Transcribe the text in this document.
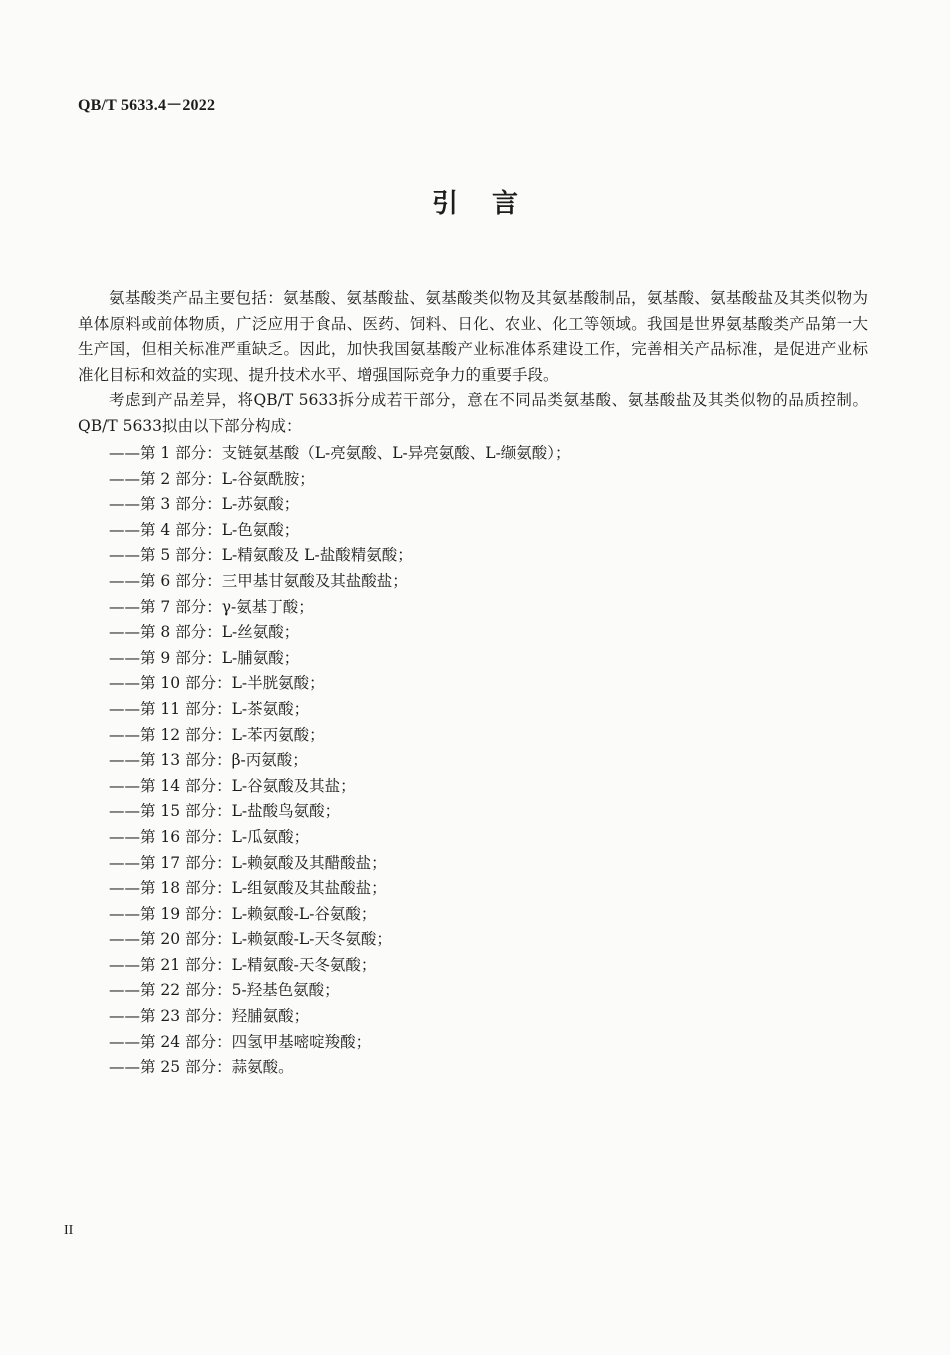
QB/T 5633.4－2022
引言

氨基酸类产品主要包括：氨基酸、氨基酸盐、氨基酸类似物及其氨基酸制品，氨基酸、氨基酸盐及其类似物为单体原料或前体物质，广泛应用于食品、医药、饲料、日化、农业、化工等领域。我国是世界氨基酸类产品第一大生产国，但相关标准严重缺乏。因此，加快我国氨基酸产业标准体系建设工作，完善相关产品标准，是促进产业标准化目标和效益的实现、提升技术水平、增强国际竞争力的重要手段。

考虑到产品差异，将QB/T 5633拆分成若干部分，意在不同品类氨基酸、氨基酸盐及其类似物的品质控制。QB/T 5633拟由以下部分构成：

——第 1 部分：支链氨基酸（L-亮氨酸、L-异亮氨酸、L-缬氨酸）；
——第 2 部分：L-谷氨酰胺；
——第 3 部分：L-苏氨酸；
——第 4 部分：L-色氨酸；
——第 5 部分：L-精氨酸及 L-盐酸精氨酸；
——第 6 部分：三甲基甘氨酸及其盐酸盐；
——第 7 部分：γ-氨基丁酸；
——第 8 部分：L-丝氨酸；
——第 9 部分：L-脯氨酸；
——第 10 部分：L-半胱氨酸；
——第 11 部分：L-茶氨酸；
——第 12 部分：L-苯丙氨酸；
——第 13 部分：β-丙氨酸；
——第 14 部分：L-谷氨酸及其盐；
——第 15 部分：L-盐酸鸟氨酸；
——第 16 部分：L-瓜氨酸；
——第 17 部分：L-赖氨酸及其醋酸盐；
——第 18 部分：L-组氨酸及其盐酸盐；
——第 19 部分：L-赖氨酸-L-谷氨酸；
——第 20 部分：L-赖氨酸-L-天冬氨酸；
——第 21 部分：L-精氨酸-天冬氨酸；
——第 22 部分：5-羟基色氨酸；
——第 23 部分：羟脯氨酸；
——第 24 部分：四氢甲基嘧啶羧酸；
——第 25 部分：蒜氨酸。
II
